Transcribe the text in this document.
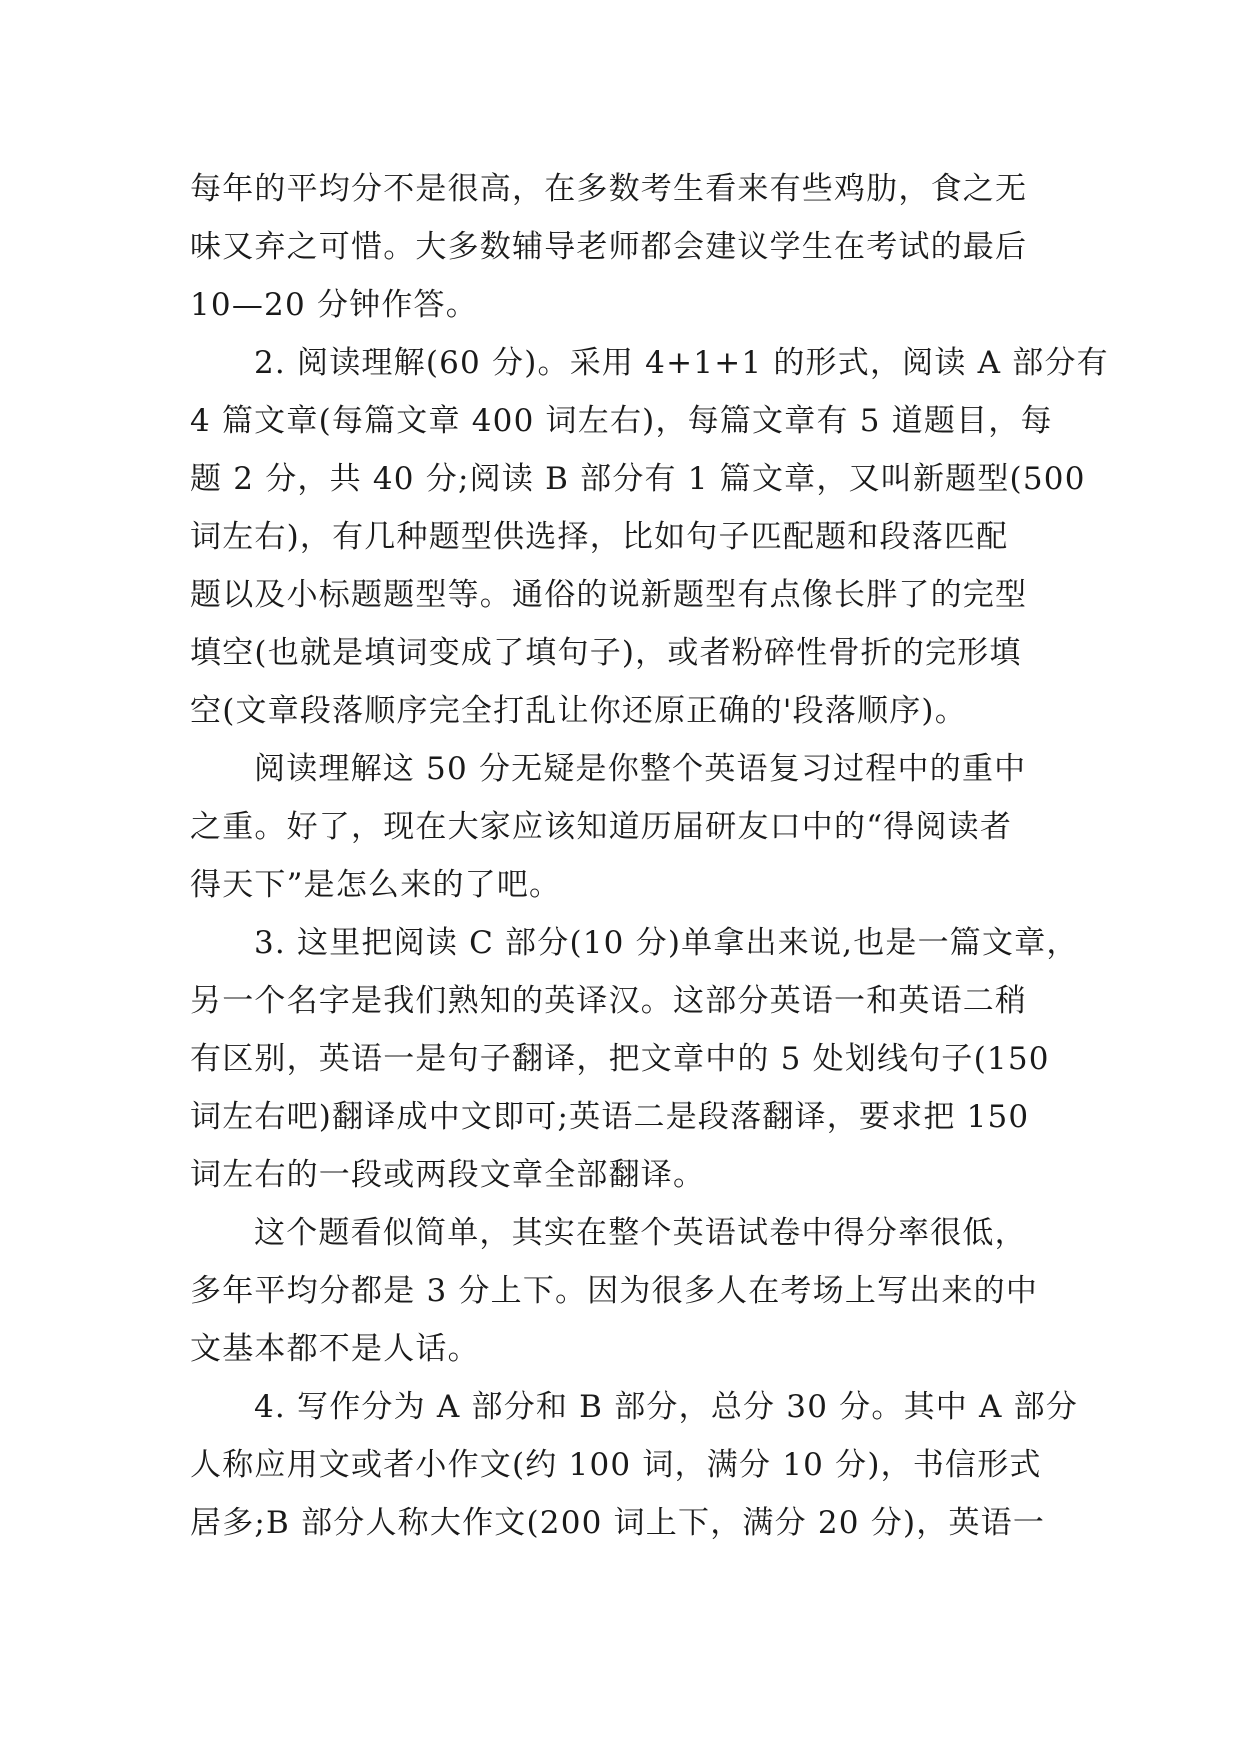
每年的平均分不是很高，在多数考生看来有些鸡肋，食之无
味又弃之可惜。大多数辅导老师都会建议学生在考试的最后
10—20 分钟作答。
2. 阅读理解(60 分)。采用 4+1+1 的形式，阅读 A 部分有
4 篇文章(每篇文章 400 词左右)，每篇文章有 5 道题目，每
题 2 分，共 40 分;阅读 B 部分有 1 篇文章，又叫新题型(500
词左右)，有几种题型供选择，比如句子匹配题和段落匹配
题以及小标题题型等。通俗的说新题型有点像长胖了的完型
填空(也就是填词变成了填句子)，或者粉碎性骨折的完形填
空(文章段落顺序完全打乱让你还原正确的'段落顺序)。
阅读理解这 50 分无疑是你整个英语复习过程中的重中
之重。好了，现在大家应该知道历届研友口中的“得阅读者
得天下”是怎么来的了吧。
3. 这里把阅读 C 部分(10 分)单拿出来说,也是一篇文章，
另一个名字是我们熟知的英译汉。这部分英语一和英语二稍
有区别，英语一是句子翻译，把文章中的 5 处划线句子(150
词左右吧)翻译成中文即可;英语二是段落翻译，要求把 150
词左右的一段或两段文章全部翻译。
这个题看似简单，其实在整个英语试卷中得分率很低，
多年平均分都是 3 分上下。因为很多人在考场上写出来的中
文基本都不是人话。
4. 写作分为 A 部分和 B 部分，总分 30 分。其中 A 部分
人称应用文或者小作文(约 100 词，满分 10 分)，书信形式
居多;B 部分人称大作文(200 词上下，满分 20 分)，英语一
